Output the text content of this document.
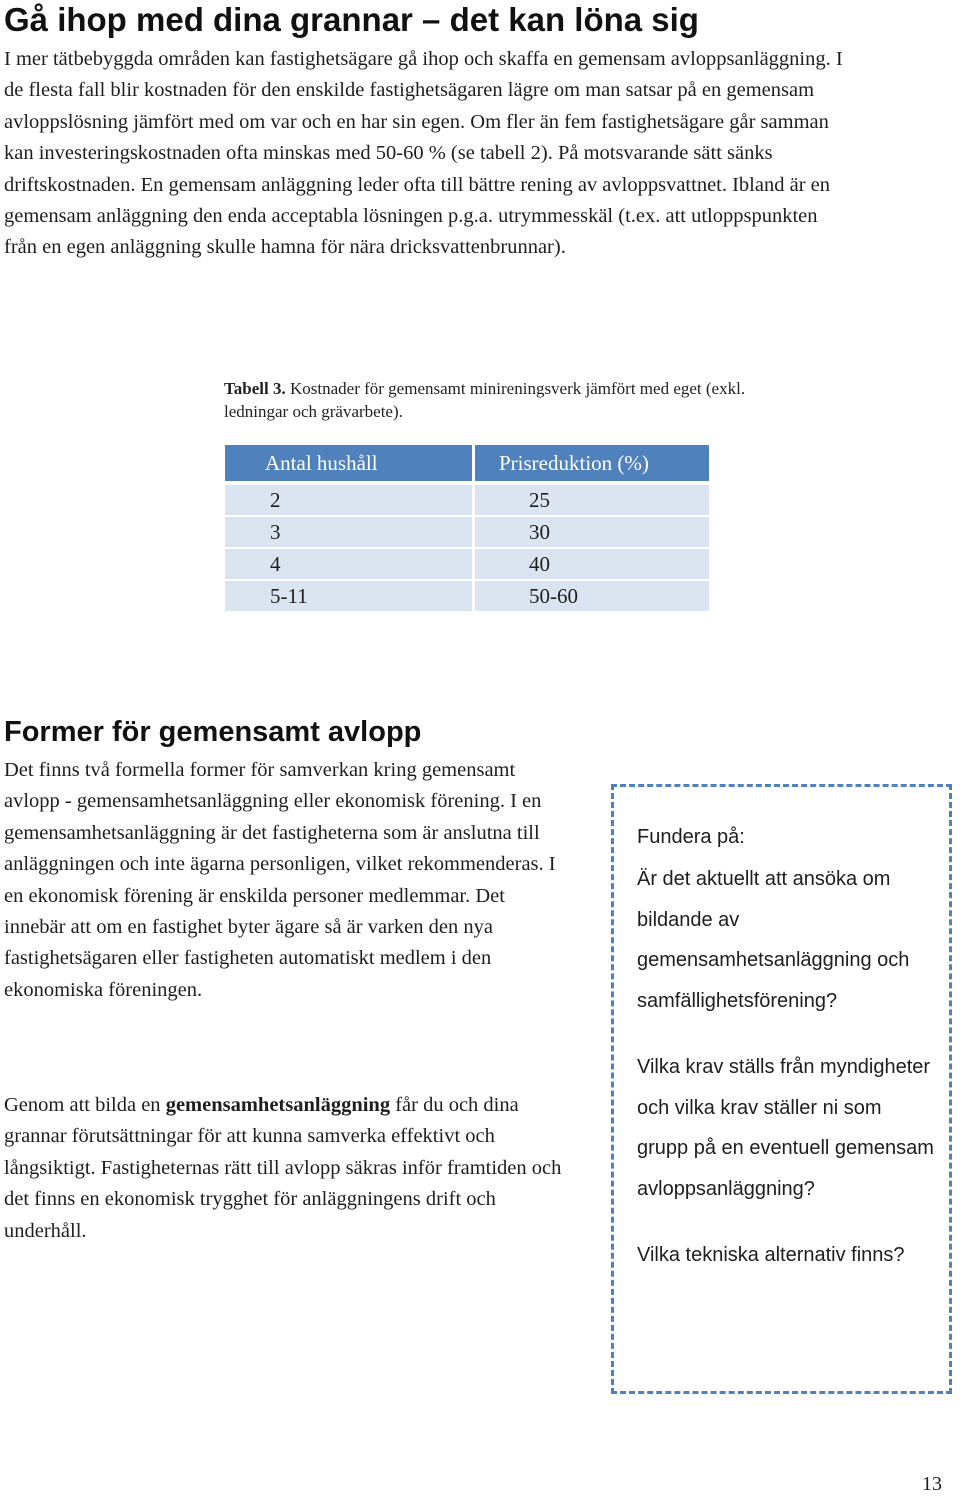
Gå ihop med dina grannar – det kan löna sig

I mer tätbebyggda områden kan fastighetsägare gå ihop och skaffa en gemensam avloppsanläggning. I de flesta fall blir kostnaden för den enskilde fastighetsägaren lägre om man satsar på en gemensam avloppslösning jämfört med om var och en har sin egen. Om fler än fem fastighetsägare går samman kan investeringskostnaden ofta minskas med 50-60 % (se tabell 2). På motsvarande sätt sänks driftskostnaden. En gemensam anläggning leder ofta till bättre rening av avloppsvattnet. Ibland är en gemensam anläggning den enda acceptabla lösningen p.g.a. utrymmesskäl (t.ex. att utloppspunkten från en egen anläggning skulle hamna för nära dricksvattenbrunnar).

Tabell 3. Kostnader för gemensamt minireningsverk jämfört med eget (exkl. ledningar och grävarbete).

Antal hushåll	Prisreduktion (%)
2	25
3	30
4	40
5-11	50-60
Former för gemensamt avlopp

Det finns två formella former för samverkan kring gemensamt avlopp - gemensamhetsanläggning eller ekonomisk förening. I en gemensamhetsanläggning är det fastigheterna som är anslutna till anläggningen och inte ägarna personligen, vilket rekommenderas. I en ekonomisk förening är enskilda personer medlemmar. Det innebär att om en fastighet byter ägare så är varken den nya fastighetsägaren eller fastigheten automatiskt medlem i den ekonomiska föreningen.

Genom att bilda en gemensamhetsanläggning får du och dina grannar förutsättningar för att kunna samverka effektivt och långsiktigt. Fastigheternas rätt till avlopp säkras inför framtiden och det finns en ekonomisk trygghet för anläggningens drift och underhåll.

Fundera på:

Är det aktuellt att ansöka om bildande av gemensamhetsanläggning och samfällighetsförening?

Vilka krav ställs från myndigheter och vilka krav ställer ni som grupp på en eventuell gemensam avloppsanläggning?

Vilka tekniska alternativ finns?

13
